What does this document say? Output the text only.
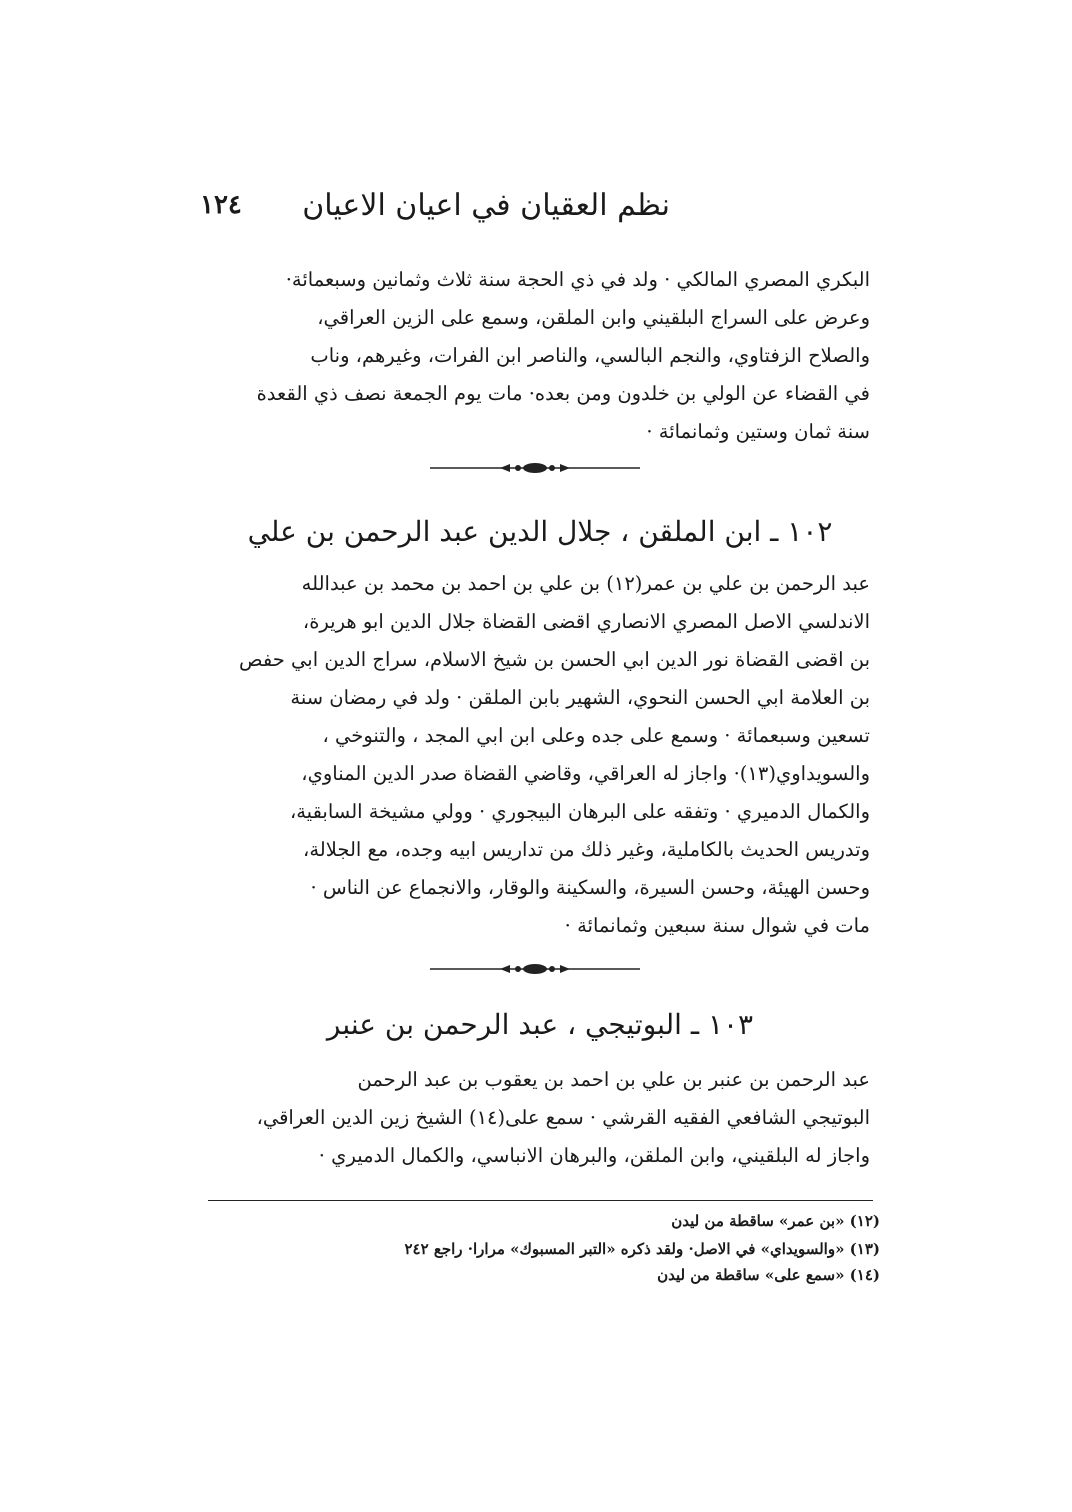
نظم العقيان في اعيان الاعيان
١٢٤
البكري المصري المالكي · ولد في ذي الحجة سنة ثلاث وثمانين وسبعمائة·
وعرض على السراج البلقيني وابن الملقن، وسمع على الزين العراقي،
والصلاح الزفتاوي، والنجم البالسي، والناصر ابن الفرات، وغيرهم، وناب
في القضاء عن الولي بن خلدون ومن بعده· مات يوم الجمعة نصف ذي القعدة
سنة ثمان وستين وثمانمائة ·
١٠٢ ـ ابن الملقن ، جلال الدين عبد الرحمن بن علي
عبد الرحمن بن علي بن عمر(١٢) بن علي بن احمد بن محمد بن عبدالله
الاندلسي الاصل المصري الانصاري اقضى القضاة جلال الدين ابو هريرة،
بن اقضى القضاة نور الدين ابي الحسن بن شيخ الاسلام، سراج الدين ابي حفص
بن العلامة ابي الحسن النحوي، الشهير بابن الملقن · ولد في رمضان سنة
تسعين وسبعمائة · وسمع على جده وعلى ابن ابي المجد ، والتنوخي ،
والسويداوي(١٣)· واجاز له العراقي، وقاضي القضاة صدر الدين المناوي،
والكمال الدميري · وتفقه على البرهان البيجوري · وولي مشيخة السابقية،
وتدريس الحديث بالكاملية، وغير ذلك من تداريس ابيه وجده، مع الجلالة،
وحسن الهيئة، وحسن السيرة، والسكينة والوقار، والانجماع عن الناس ·
مات في شوال سنة سبعين وثمانمائة ·
١٠٣ ـ البوتيجي ، عبد الرحمن بن عنبر
عبد الرحمن بن عنبر بن علي بن احمد بن يعقوب بن عبد الرحمن
البوتيجي الشافعي الفقيه القرشي · سمع على(١٤) الشيخ زين الدين العراقي،
واجاز له البلقيني، وابن الملقن، والبرهان الانباسي، والكمال الدميري ·
(١٢) «بن عمر» ساقطة من ليدن
(١٣) «والسويداي» في الاصل· ولقد ذكره «التبر المسبوك» مرارا· راجع ٢٤٢
(١٤) «سمع على» ساقطة من ليدن
